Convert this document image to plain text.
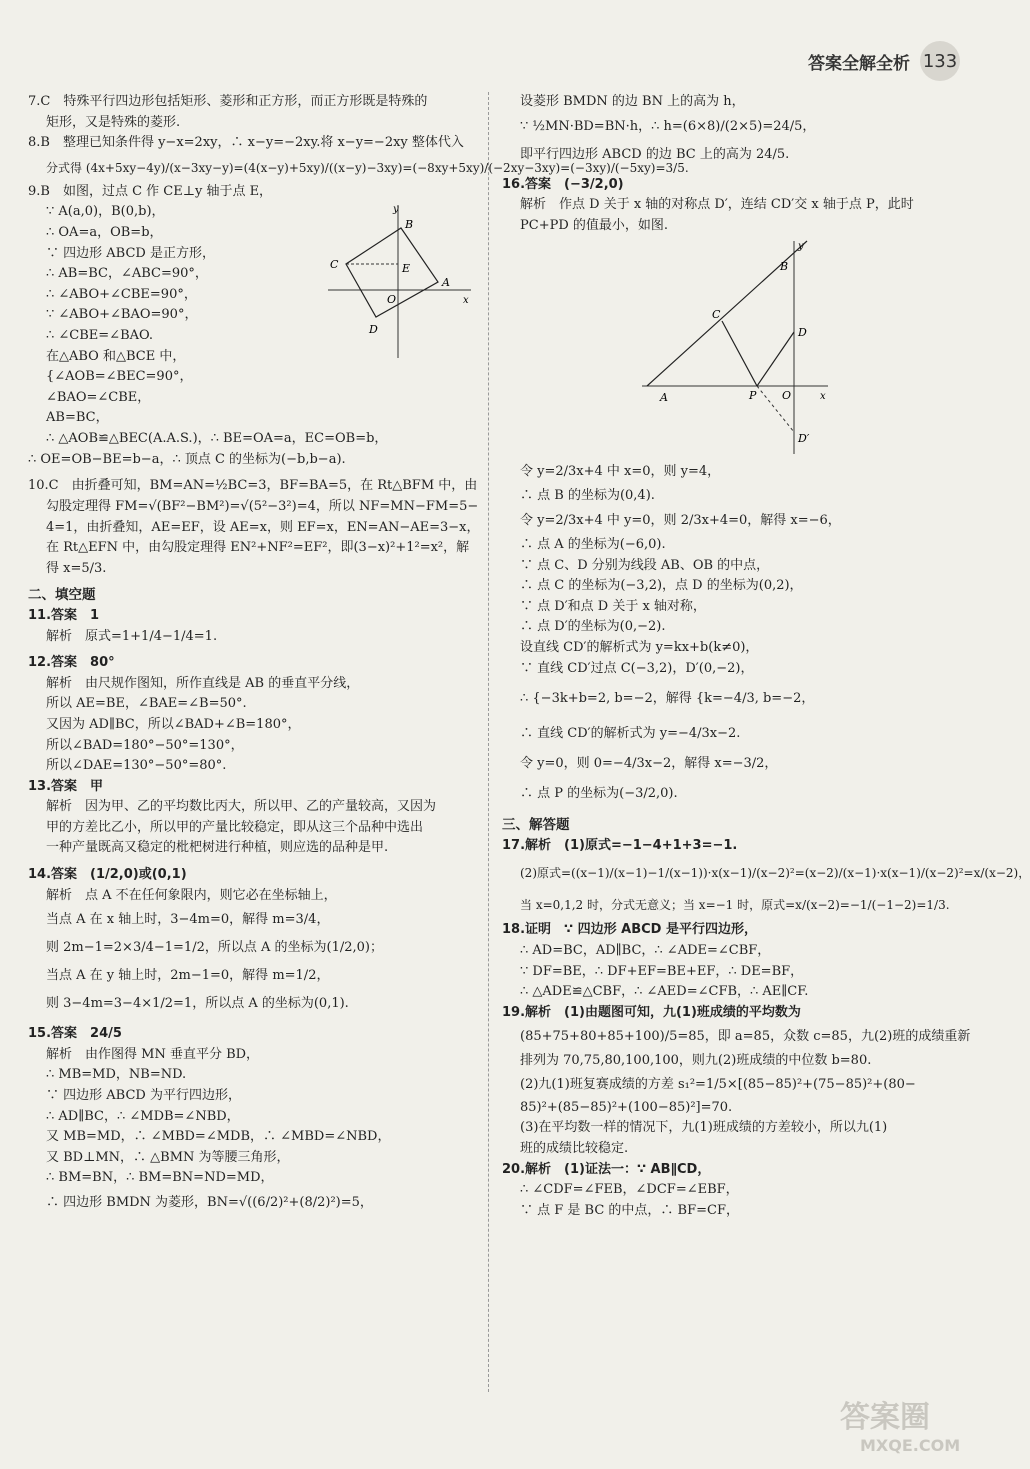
答案全解全析 133
7.C　特殊平行四边形包括矩形、菱形和正方形，而正方形既是特殊的
矩形，又是特殊的菱形.
8.B　整理已知条件得 y−x=2xy，∴ x−y=−2xy.将 x−y=−2xy 整体代入
分式得 (4x+5xy−4y)/(x−3xy−y)=(4(x−y)+5xy)/((x−y)−3xy)=(−8xy+5xy)/(−2xy−3xy)=(−3xy)/(−5xy)=3/5.
9.B　如图，过点 C 作 CE⊥y 轴于点 E，
∵ A(a,0)，B(0,b)，
∴ OA=a，OB=b，
∵ 四边形 ABCD 是正方形，
∴ AB=BC，∠ABC=90°，
∴ ∠ABO+∠CBE=90°，
∵ ∠ABO+∠BAO=90°，
∴ ∠CBE=∠BAO.
在△ABO 和△BCE 中，
{∠AOB=∠BEC=90°，
∠BAO=∠CBE，
AB=BC，
∴ △AOB≌△BEC(A.A.S.)，∴ BE=OA=a，EC=OB=b，
y
B
C	E
A
O	x
D
∴ OE=OB−BE=b−a，∴ 顶点 C 的坐标为(−b,b−a).
10.C　由折叠可知，BM=AN=½BC=3，BF=BA=5，在 Rt△BFM 中，由
勾股定理得 FM=√(BF²−BM²)=√(5²−3²)=4，所以 NF=MN−FM=5−
4=1，由折叠知，AE=EF，设 AE=x，则 EF=x，EN=AN−AE=3−x，
在 Rt△EFN 中，由勾股定理得 EN²+NF²=EF²，即(3−x)²+1²=x²，解
得 x=5/3.
二、填空题
11.答案　1
解析　原式=1+1/4−1/4=1.
12.答案　80°
解析　由尺规作图知，所作直线是 AB 的垂直平分线，
所以 AE=BE，∠BAE=∠B=50°.
又因为 AD∥BC，所以∠BAD+∠B=180°，
所以∠BAD=180°−50°=130°，
所以∠DAE=130°−50°=80°.
13.答案　甲
解析　因为甲、乙的平均数比丙大，所以甲、乙的产量较高，又因为
甲的方差比乙小，所以甲的产量比较稳定，即从这三个品种中选出
一种产量既高又稳定的枇杷树进行种植，则应选的品种是甲.
14.答案　(1/2,0)或(0,1)
解析　点 A 不在任何象限内，则它必在坐标轴上，
当点 A 在 x 轴上时，3−4m=0，解得 m=3/4，
则 2m−1=2×3/4−1=1/2，所以点 A 的坐标为(1/2,0)；
当点 A 在 y 轴上时，2m−1=0，解得 m=1/2，
则 3−4m=3−4×1/2=1，所以点 A 的坐标为(0,1).
15.答案　24/5
解析　由作图得 MN 垂直平分 BD，
∴ MB=MD，NB=ND.
∵ 四边形 ABCD 为平行四边形，
∴ AD∥BC，∴ ∠MDB=∠NBD，
又 MB=MD，∴ ∠MBD=∠MDB，∴ ∠MBD=∠NBD，
又 BD⊥MN，∴ △BMN 为等腰三角形，
∴ BM=BN，∴ BM=BN=ND=MD，
∴ 四边形 BMDN 为菱形，BN=√((6/2)²+(8/2)²)=5，
设菱形 BMDN 的边 BN 上的高为 h，
∵ ½MN·BD=BN·h，∴ h=(6×8)/(2×5)=24/5，
即平行四边形 ABCD 的边 BC 上的高为 24/5.
16.答案　(−3/2,0)
解析　作点 D 关于 x 轴的对称点 D′，连结 CD′交 x 轴于点 P，此时
PC+PD 的值最小，如图.
y
B
C
D
A	P O	x
D′
令 y=2/3x+4 中 x=0，则 y=4，
∴ 点 B 的坐标为(0,4).
令 y=2/3x+4 中 y=0，则 2/3x+4=0，解得 x=−6，
∴ 点 A 的坐标为(−6,0).
∵ 点 C、D 分别为线段 AB、OB 的中点，
∴ 点 C 的坐标为(−3,2)，点 D 的坐标为(0,2)，
∵ 点 D′和点 D 关于 x 轴对称，
∴ 点 D′的坐标为(0,−2).
设直线 CD′的解析式为 y=kx+b(k≠0)，
∵ 直线 CD′过点 C(−3,2)，D′(0,−2)，
∴ {−3k+b=2, b=−2，解得 {k=−4/3, b=−2，
∴ 直线 CD′的解析式为 y=−4/3x−2.
令 y=0，则 0=−4/3x−2，解得 x=−3/2，
∴ 点 P 的坐标为(−3/2,0).
三、解答题
17.解析　(1)原式=−1−4+1+3=−1.
(2)原式=((x−1)/(x−1)−1/(x−1))·x(x−1)/(x−2)²=(x−2)/(x−1)·x(x−1)/(x−2)²=x/(x−2)，
当 x=0,1,2 时，分式无意义；当 x=−1 时，原式=x/(x−2)=−1/(−1−2)=1/3.
18.证明　∵ 四边形 ABCD 是平行四边形，
∴ AD=BC，AD∥BC，∴ ∠ADE=∠CBF，
∵ DF=BE，∴ DF+EF=BE+EF，∴ DE=BF，
∴ △ADE≌△CBF，∴ ∠AED=∠CFB，∴ AE∥CF.
19.解析　(1)由题图可知，九(1)班成绩的平均数为
(85+75+80+85+100)/5=85，即 a=85，众数 c=85，九(2)班的成绩重新
排列为 70,75,80,100,100，则九(2)班成绩的中位数 b=80.
(2)九(1)班复赛成绩的方差 s₁²=1/5×[(85−85)²+(75−85)²+(80−
85)²+(85−85)²+(100−85)²]=70.
(3)在平均数一样的情况下，九(1)班成绩的方差较小，所以九(1)
班的成绩比较稳定.
20.解析　(1)证法一：∵ AB∥CD，
∴ ∠CDF=∠FEB，∠DCF=∠EBF，
∵ 点 F 是 BC 的中点，∴ BF=CF，
答案圈
MXQE.COM
